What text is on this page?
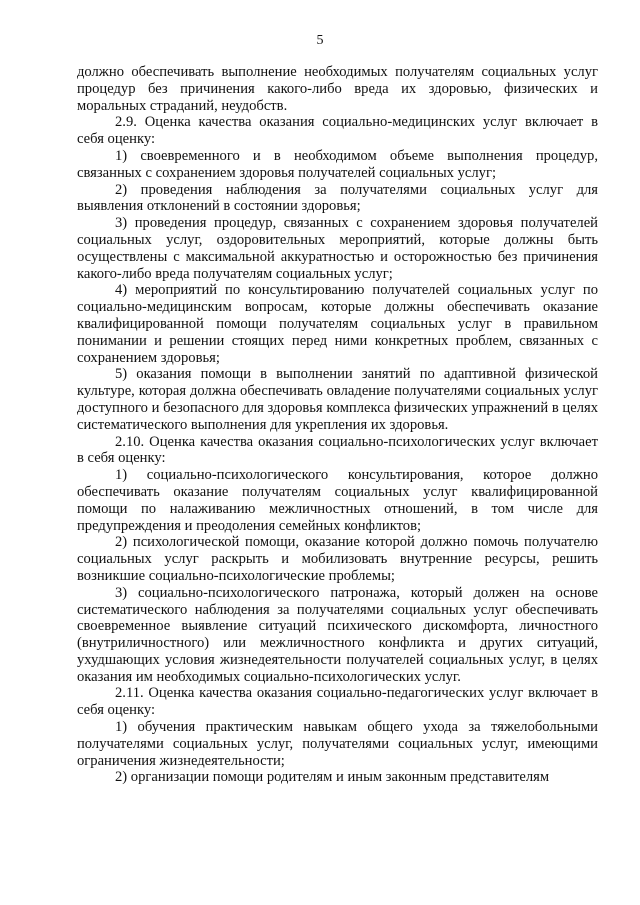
5

должно обеспечивать выполнение необходимых получателям социальных услуг процедур без причинения какого-либо вреда их здоровью, физических и моральных страданий, неудобств.

2.9. Оценка качества оказания социально-медицинских услуг включает в себя оценку:

1) своевременного и в необходимом объеме выполнения процедур, связанных с сохранением здоровья получателей социальных услуг;

2) проведения наблюдения за получателями социальных услуг для выявления отклонений в состоянии здоровья;

3) проведения процедур, связанных с сохранением здоровья получателей социальных услуг, оздоровительных мероприятий, которые должны быть осуществлены с максимальной аккуратностью и осторожностью без причинения какого-либо вреда получателям социальных услуг;

4) мероприятий по консультированию получателей социальных услуг по социально-медицинским вопросам, которые должны обеспечивать оказание квалифицированной помощи получателям социальных услуг в правильном понимании и решении стоящих перед ними конкретных проблем, связанных с сохранением здоровья;

5) оказания помощи в выполнении занятий по адаптивной физической культуре, которая должна обеспечивать овладение получателями социальных услуг доступного и безопасного для здоровья комплекса физических упражнений в целях систематического выполнения для укрепления их здоровья.

2.10. Оценка качества оказания социально-психологических услуг включает в себя оценку:

1) социально-психологического консультирования, которое должно обеспечивать оказание получателям социальных услуг квалифицированной помощи по налаживанию межличностных отношений, в том числе для предупреждения и преодоления семейных конфликтов;

2) психологической помощи, оказание которой должно помочь получателю социальных услуг раскрыть и мобилизовать внутренние ресурсы, решить возникшие социально-психологические проблемы;

3) социально-психологического патронажа, который должен на основе систематического наблюдения за получателями социальных услуг обеспечивать своевременное выявление ситуаций психического дискомфорта, личностного (внутриличностного) или межличностного конфликта и других ситуаций, ухудшающих условия жизнедеятельности получателей социальных услуг, в целях оказания им необходимых социально-психологических услуг.

2.11. Оценка качества оказания социально-педагогических услуг включает в себя оценку:

1) обучения практическим навыкам общего ухода за тяжелобольными получателями социальных услуг, получателями социальных услуг, имеющими ограничения жизнедеятельности;

2) организации помощи родителям и иным законным представителям
